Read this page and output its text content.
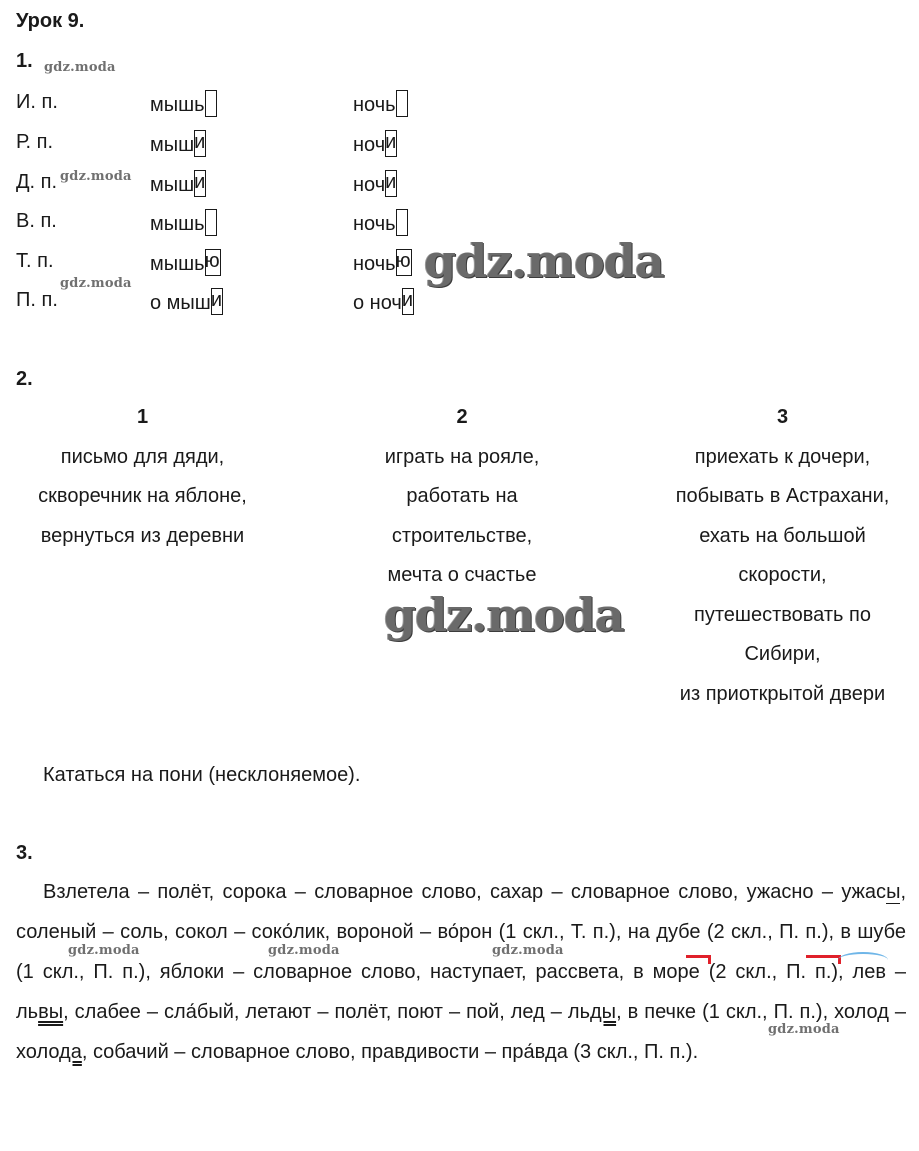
Урок 9.
1.
И. п.	мышь	ночь
Р. п.	мыш и	ноч и
Д. п.	мыш и	ноч и
В. п.	мышь	ночь
Т. п.	мышь ю	ночь ю
П. п.	о мыш и	о ноч и
2.
1
письмо для дяди,
скворечник на яблоне,
вернуться из деревни
2
играть на рояле,
работать на
строительстве,
мечта о счастье
3
приехать к дочери,
побывать в Астрахани,
ехать на большой
скорости,
путешествовать по
Сибири,
из приоткрытой двери
Кататься на пони (несклоняемое).
3.
Взлетела – полёт, сорока – словарное слово, сахар – словарное слово, ужасно – ужасы, соленый – соль, сокол – соко́лик, вороной – во́рон (1 скл., Т. п.), на дубе (2 скл., П. п.), в шубе (1 скл., П. п.), яблоки – словарное слово, наступает, рассвета, в море (2 скл., П. п.), лев – львы, слабее – сла́бый, летают – полёт, поют – пой, лед – льды, в печке (1 скл., П. п.), холод – холода, собачий – словарное слово, правдивости – пра́вда (3 скл., П. п.).
gdz.moda
gdz.moda
gdz.moda	gdz.moda
gdz.moda
gdz.moda	gdz.moda	gdz.moda
gdz.moda
